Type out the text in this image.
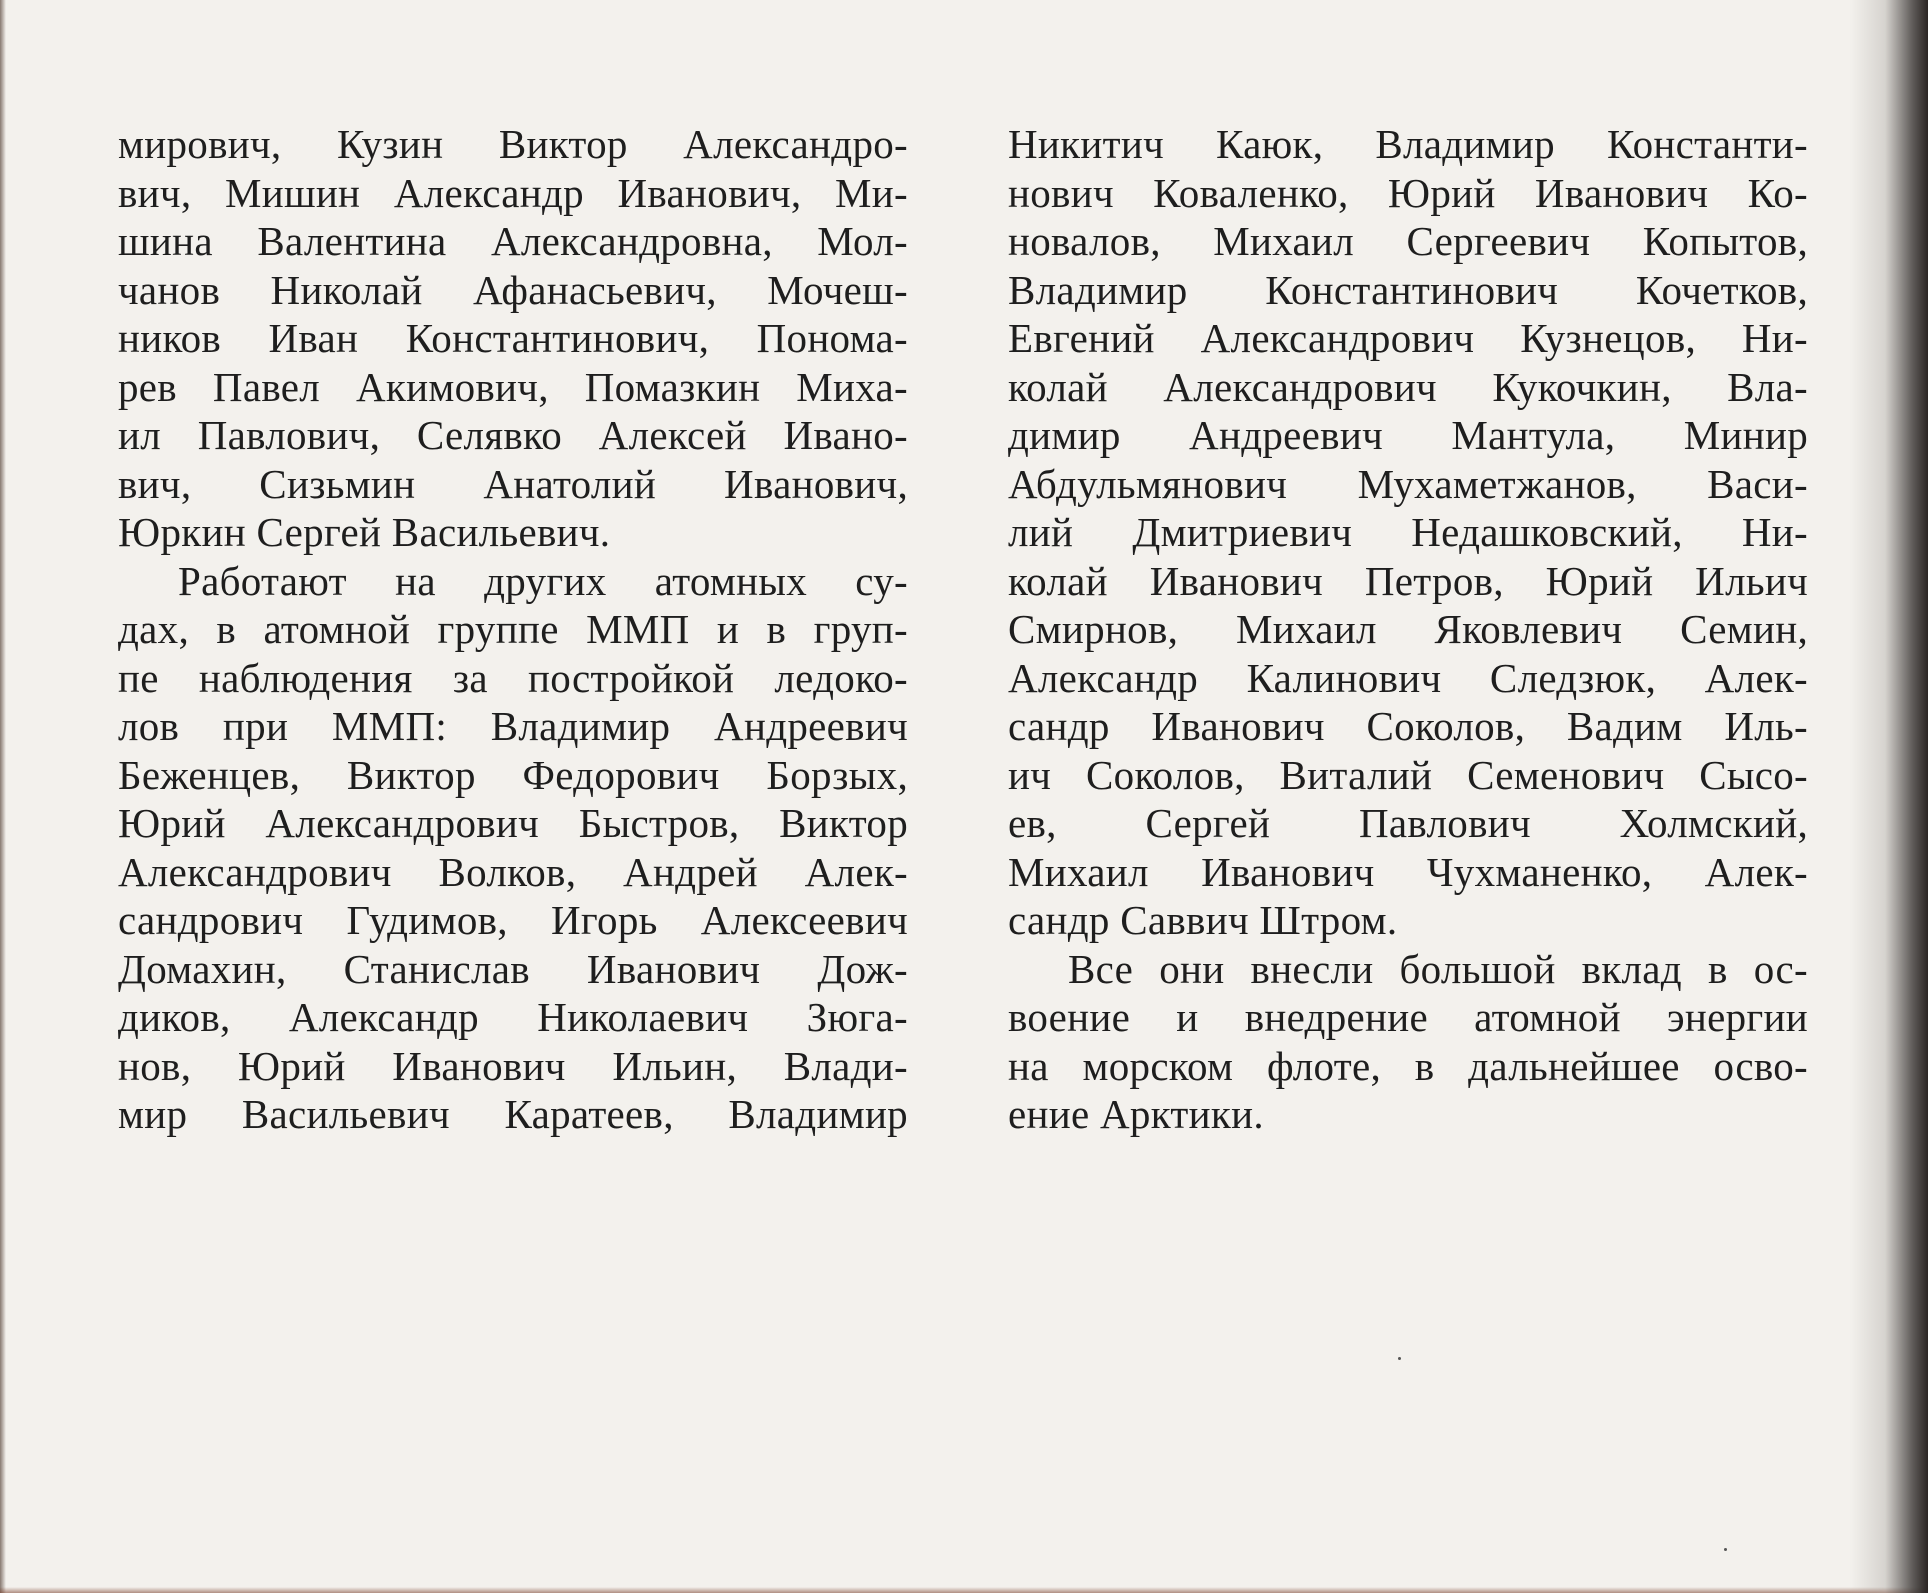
мирович, Кузин Виктор Александро-
вич, Мишин Александр Иванович, Ми-
шина Валентина Александровна, Мол-
чанов Николай Афанасьевич, Мочеш-
ников Иван Константинович, Понома-
рев Павел Акимович, Помазкин Миха-
ил Павлович, Селявко Алексей Ивано-
вич, Сизьмин Анатолий Иванович,
Юркин Сергей Васильевич.
Работают на других атомных су-
дах, в атомной группе ММП и в груп-
пе наблюдения за постройкой ледоко-
лов при ММП: Владимир Андреевич
Беженцев, Виктор Федорович Борзых,
Юрий Александрович Быстров, Виктор
Александрович Волков, Андрей Алек-
сандрович Гудимов, Игорь Алексеевич
Домахин, Станислав Иванович Дож-
диков, Александр Николаевич Зюга-
нов, Юрий Иванович Ильин, Влади-
мир Васильевич Каратеев, Владимир
Никитич Каюк, Владимир Константи-
нович Коваленко, Юрий Иванович Ко-
новалов, Михаил Сергеевич Копытов,
Владимир Константинович Кочетков,
Евгений Александрович Кузнецов, Ни-
колай Александрович Кукочкин, Вла-
димир Андреевич Мантула, Минир
Абдульмянович Мухаметжанов, Васи-
лий Дмитриевич Недашковский, Ни-
колай Иванович Петров, Юрий Ильич
Смирнов, Михаил Яковлевич Семин,
Александр Калинович Следзюк, Алек-
сандр Иванович Соколов, Вадим Иль-
ич Соколов, Виталий Семенович Сысо-
ев, Сергей Павлович Холмский,
Михаил Иванович Чухманенко, Алек-
сандр Саввич Штром.
Все они внесли большой вклад в ос-
воение и внедрение атомной энергии
на морском флоте, в дальнейшее осво-
ение Арктики.
